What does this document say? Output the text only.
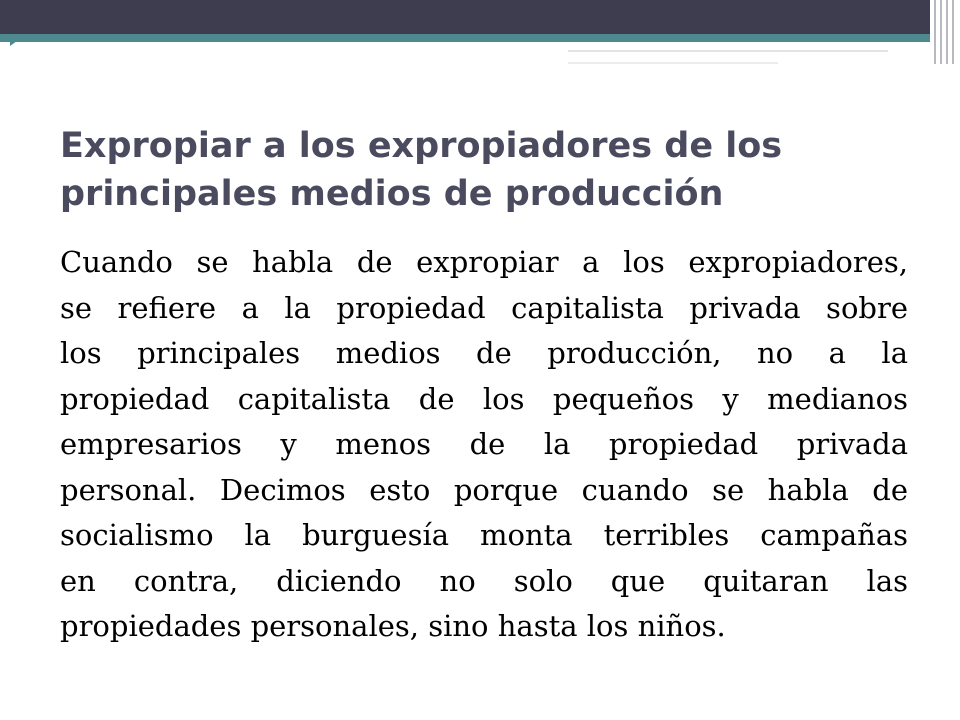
Expropiar a los expropiadores de los principales medios de producción
Cuando se habla de expropiar a los expropiadores,
se refiere a la propiedad capitalista privada sobre
los principales medios de producción, no a la
propiedad capitalista de los pequeños y medianos
empresarios y menos de la propiedad privada
personal. Decimos esto porque cuando se habla de
socialismo la burguesía monta terribles campañas
en contra, diciendo no solo que quitaran las
propiedades personales, sino hasta los niños.
